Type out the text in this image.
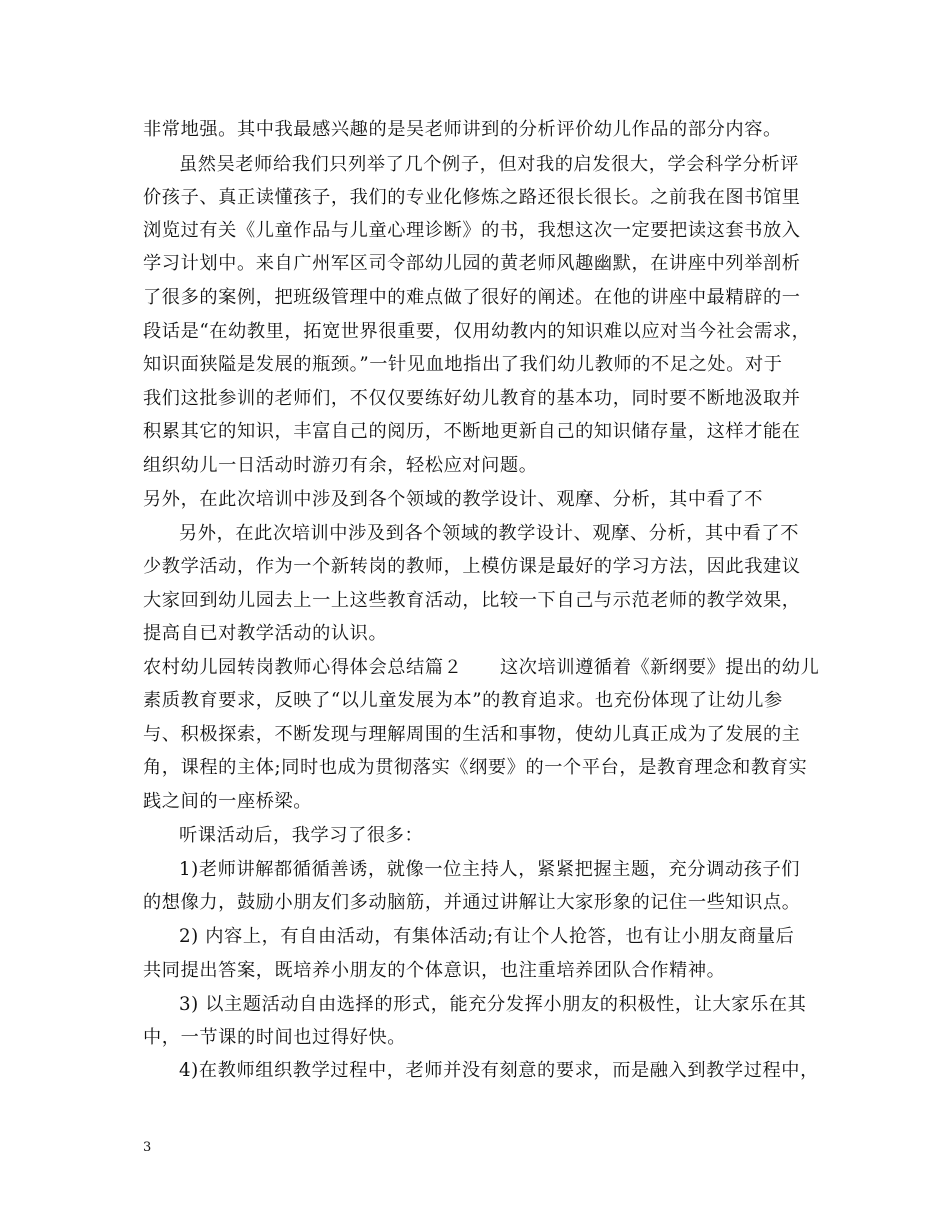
非常地强。其中我最感兴趣的是吴老师讲到的分析评价幼儿作品的部分内容。
虽然吴老师给我们只列举了几个例子，但对我的启发很大，学会科学分析评
价孩子、真正读懂孩子，我们的专业化修炼之路还很长很长。之前我在图书馆里
浏览过有关《儿童作品与儿童心理诊断》的书，我想这次一定要把读这套书放入
学习计划中。来自广州军区司令部幼儿园的黄老师风趣幽默，在讲座中列举剖析
了很多的案例，把班级管理中的难点做了很好的阐述。在他的讲座中最精辟的一
段话是“在幼教里，拓宽世界很重要，仅用幼教内的知识难以应对当今社会需求，
知识面狭隘是发展的瓶颈。”一针见血地指出了我们幼儿教师的不足之处。对于
我们这批参训的老师们，不仅仅要练好幼儿教育的基本功，同时要不断地汲取并
积累其它的知识，丰富自己的阅历，不断地更新自己的知识储存量，这样才能在
组织幼儿一日活动时游刃有余，轻松应对问题。
另外，在此次培训中涉及到各个领域的教学设计、观摩、分析，其中看了不
另外，在此次培训中涉及到各个领域的教学设计、观摩、分析，其中看了不
少教学活动，作为一个新转岗的教师，上模仿课是最好的学习方法，因此我建议
大家回到幼儿园去上一上这些教育活动，比较一下自己与示范老师的教学效果，
提高自已对教学活动的认识。
农村幼儿园转岗教师心得体会总结篇２　　这次培训遵循着《新纲要》提出的幼儿
素质教育要求，反映了“以儿童发展为本”的教育追求。也充份体现了让幼儿参
与、积极探索，不断发现与理解周围的生活和事物，使幼儿真正成为了发展的主
角，课程的主体;同时也成为贯彻落实《纲要》的一个平台，是教育理念和教育实
践之间的一座桥梁。
听课活动后，我学习了很多：
1)老师讲解都循循善诱，就像一位主持人，紧紧把握主题，充分调动孩子们
的想像力，鼓励小朋友们多动脑筋，并通过讲解让大家形象的记住一些知识点。
2) 内容上，有自由活动，有集体活动;有让个人抢答，也有让小朋友商量后
共同提出答案，既培养小朋友的个体意识，也注重培养团队合作精神。
3) 以主题活动自由选择的形式，能充分发挥小朋友的积极性，让大家乐在其
中，一节课的时间也过得好快。
4)在教师组织教学过程中，老师并没有刻意的要求，而是融入到教学过程中，
3
